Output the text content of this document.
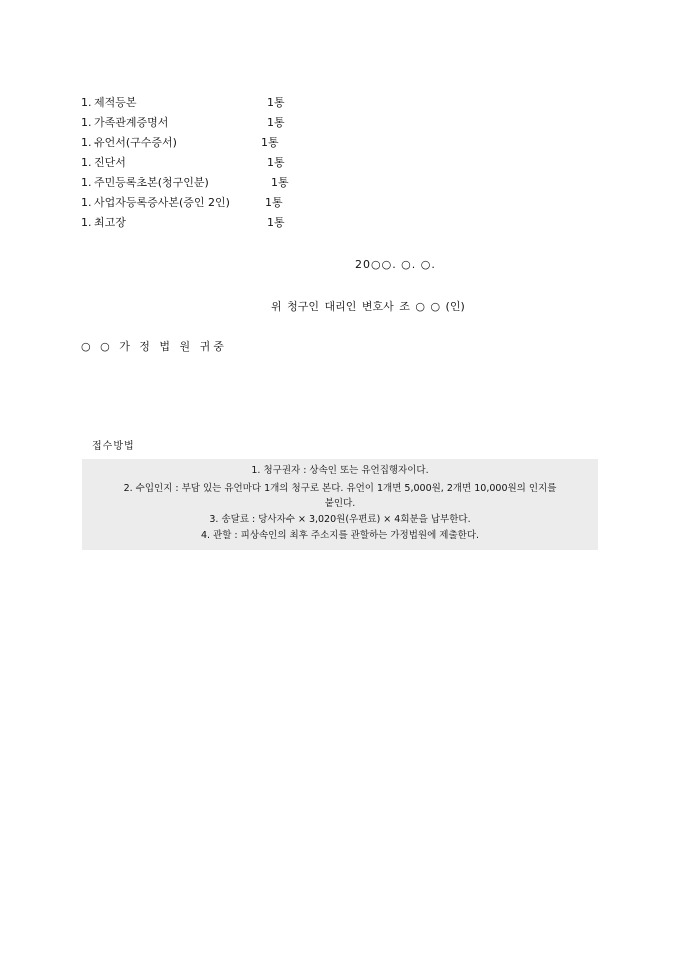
1. 제적등본	1통
1. 가족관계증명서	1통
1. 유언서(구수증서)	1통
1. 진단서	1통
1. 주민등록초본(청구인분)	1통
1. 사업자등록증사본(증인 2인)	1통
1. 최고장	1통
20○○. ○. ○.
위 청구인 대리인 변호사 조 ○ ○ (인)
○ ○ 가 정 법 원 귀중
접수방법
1. 청구권자 : 상속인 또는 유언집행자이다.
2. 수입인지 : 부담 있는 유언마다 1개의 청구로 본다. 유언이 1개면 5,000원, 2개면 10,000원의 인지를
붙인다.
3. 송달료 : 당사자수 × 3,020원(우편료) × 4회분을 납부한다.
4. 관할 : 피상속인의 최후 주소지를 관할하는 가정법원에 제출한다.
